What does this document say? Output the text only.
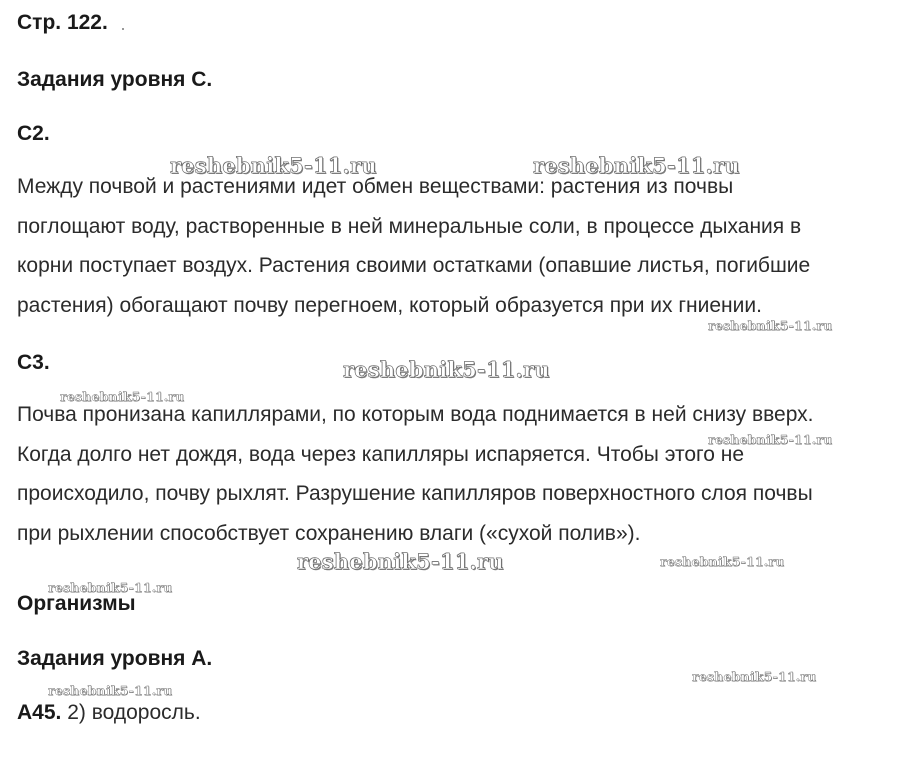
Стр. 122.
Задания уровня С.
С2.
Между почвой и растениями идет обмен веществами: растения из почвы
поглощают воду, растворенные в ней минеральные соли, в процессе дыхания в
корни поступает воздух. Растения своими остатками (опавшие листья, погибшие
растения) обогащают почву перегноем, который образуется при их гниении.
С3.
Почва пронизана капиллярами, по которым вода поднимается в ней снизу вверх.
Когда долго нет дождя, вода через капилляры испаряется. Чтобы этого не
происходило, почву рыхлят. Разрушение капилляров поверхностного слоя почвы
при рыхлении способствует сохранению влаги («сухой полив»).
Организмы
Задания уровня А.
А45. 2) водоросль.
reshebnik5-11.ru	reshebnik5-11.ru
reshebnik5-11.ru
reshebnik5-11.ru
reshebnik5-11.ru
reshebnik5-11.ru
reshebnik5-11.ru	reshebnik5-11.ru
reshebnik5-11.ru
reshebnik5-11.ru
reshebnik5-11.ru
